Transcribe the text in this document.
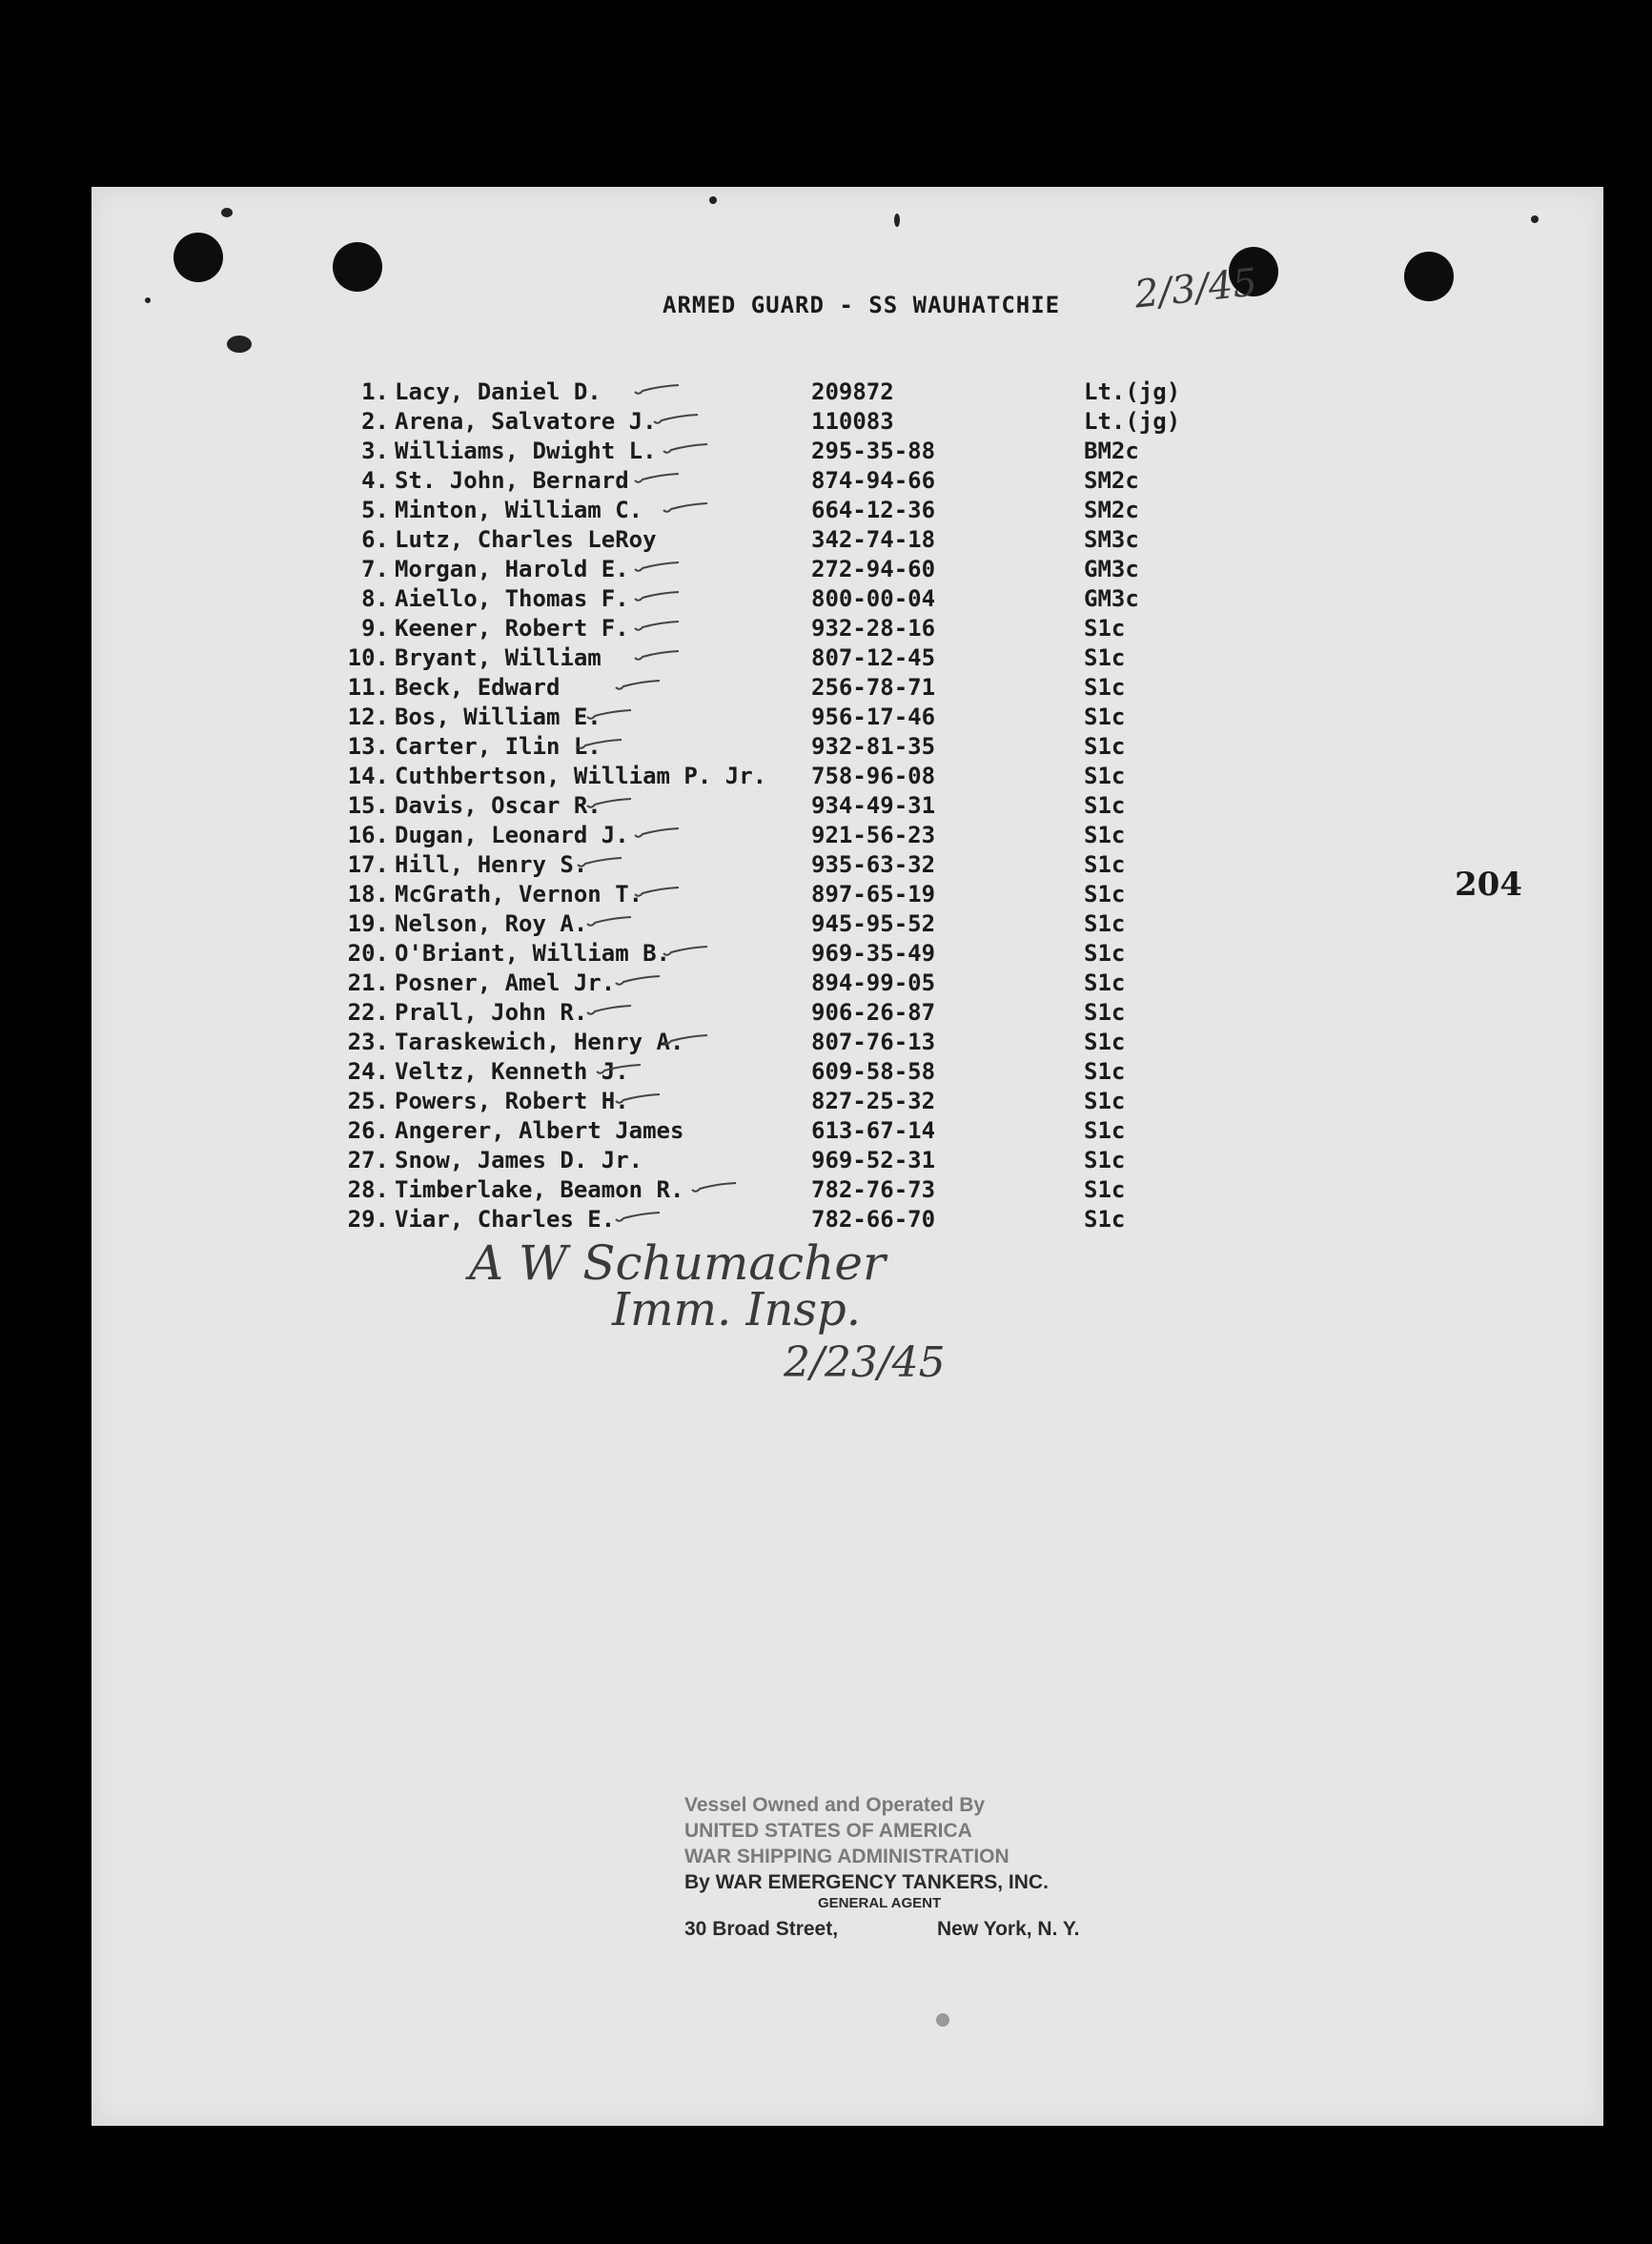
ARMED GUARD - SS WAUHATCHIE 2/3/45
204
1. Lacy, Daniel D.	209872	Lt.(jg)
2. Arena, Salvatore J.	110083	Lt.(jg)
3. Williams, Dwight L.	295-35-88	BM2c
4. St. John, Bernard	874-94-66	SM2c
5. Minton, William C.	664-12-36	SM2c
6. Lutz, Charles LeRoy	342-74-18	SM3c
7. Morgan, Harold E.	272-94-60	GM3c
8. Aiello, Thomas F.	800-00-04	GM3c
9. Keener, Robert F.	932-28-16	S1c
10. Bryant, William	807-12-45	S1c
11. Beck, Edward	256-78-71	S1c
12. Bos, William E.	956-17-46	S1c
13. Carter, Ilin L.	932-81-35	S1c
14. Cuthbertson, William P. Jr. 758-96-08	S1c
15. Davis, Oscar R.	934-49-31	S1c
16. Dugan, Leonard J.	921-56-23	S1c
17. Hill, Henry S.	935-63-32	S1c
18. McGrath, Vernon T.	897-65-19	S1c
19. Nelson, Roy A.	945-95-52	S1c
20. O'Briant, William B.	969-35-49	S1c
21. Posner, Amel Jr.	894-99-05	S1c
22. Prall, John R.	906-26-87	S1c
23. Taraskewich, Henry A.	807-76-13	S1c
24. Veltz, Kenneth J.	609-58-58	S1c
25. Powers, Robert H.	827-25-32	S1c
26. Angerer, Albert James	613-67-14	S1c
27. Snow, James D. Jr.	969-52-31	S1c
28. Timberlake, Beamon R.	782-76-73	S1c
29. Viar, Charles E.	782-66-70	S1c
A W Schumacher
Imm. Insp.
2/23/45
Vessel Owned and Operated By
UNITED STATES OF AMERICA
WAR SHIPPING ADMINISTRATION
By WAR EMERGENCY TANKERS, INC.
GENERAL AGENT
30 Broad Street,	New York, N. Y.
